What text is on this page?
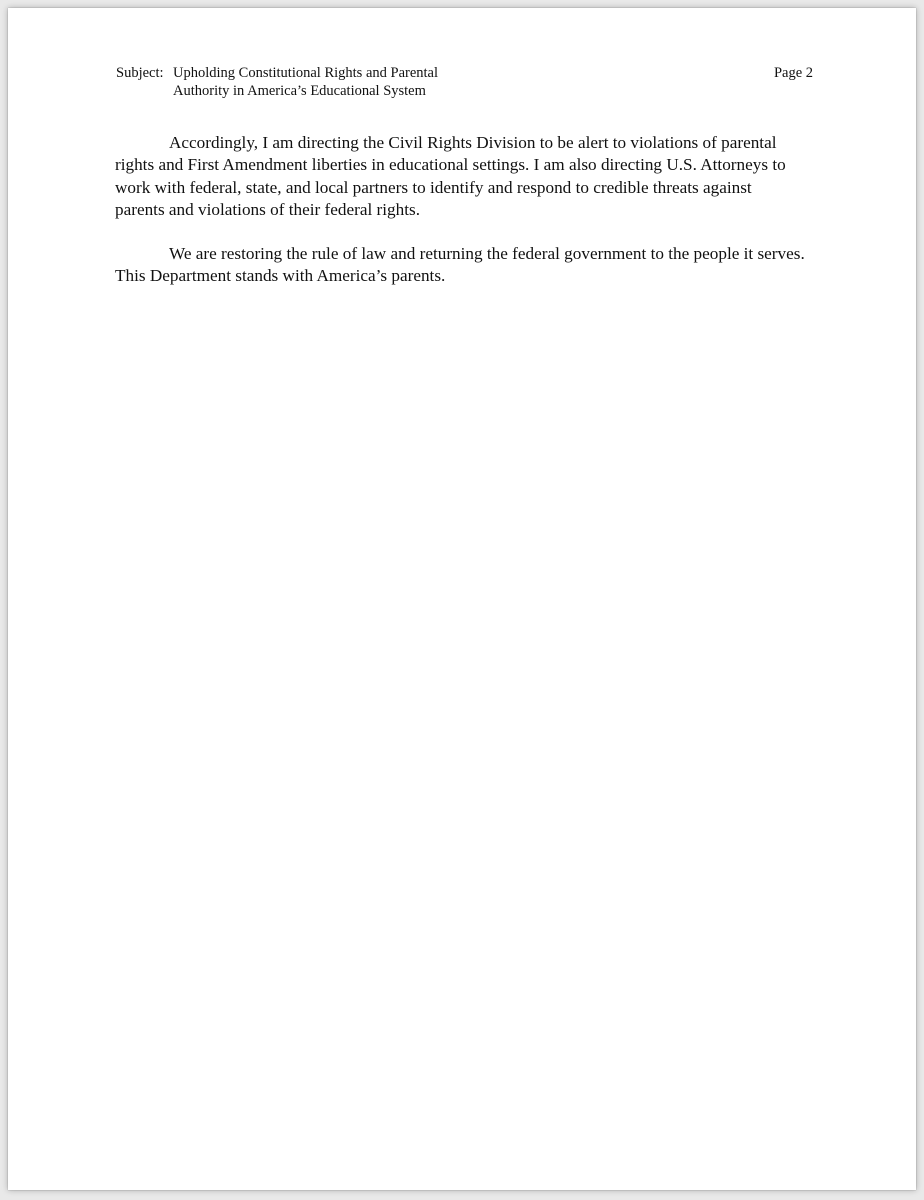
Subject: Upholding Constitutional Rights and Parental
Authority in America’s Educational System
Page 2

Accordingly, I am directing the Civil Rights Division to be alert to violations of parental rights and First Amendment liberties in educational settings. I am also directing U.S. Attorneys to work with federal, state, and local partners to identify and respond to credible threats against parents and violations of their federal rights.

We are restoring the rule of law and returning the federal government to the people it serves. This Department stands with America’s parents.
